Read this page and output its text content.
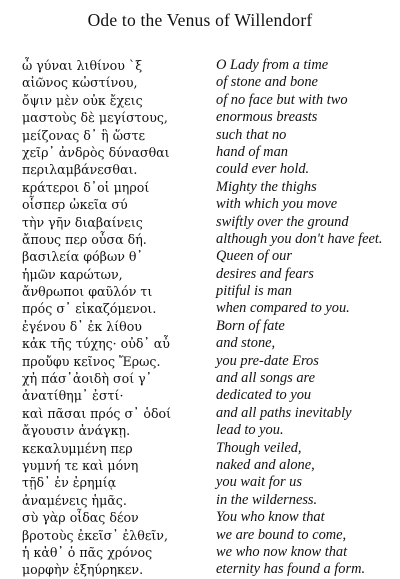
Ode to the Venus of Willendorf
ὦ γύναι λιθίνου `ξ
αἰῶνος κὠστίνου,
ὄψιν μὲν οὐκ ἔχεις
μαστοὺς δὲ μεγίστους,
μείζονας δ᾽ ἣ ὥστε
χεῖρ᾽ ἀνδρὸς δύνασθαι
περιλαμβάνεσθαι.
κράτεροι δ᾽οἱ μηροί
οἷσπερ ὠκεῖα σύ
τὴν γῆν διαβαίνεις
ἄπους περ οὖσα δή.
βασιλεία φόβων θ᾽
ἡμῶν καρώτων,
ἄνθρωποι φαῦλόν τι
πρός σ᾽ εἰκαζόμενοι.
ἐγένου δ᾽ ἐκ λίθου
κἀκ τῆς τύχης· οὐδ᾽ αὖ
προὔφυ κεῖνος Ἔρως.
χἠ πάσ᾽ἀοιδὴ σοί γ᾽
ἀνατίθημ᾽ ἐστί·
καὶ πᾶσαι πρός σ᾽ ὁδοί
ἄγουσιν ἀνάγκῃ.
κεκαλυμμένη περ
γυμνή τε καὶ μόνη
τῇδ᾽ ἐν ἐρημίᾳ
ἀναμένεις ἡμᾶς.
σὺ γὰρ οἶδας δέον
βροτοὺς ἐκεῖσ᾽ ἐλθεῖν,
ἡ κἀθ᾽ ὁ πᾶς χρόνος
μορφὴν ἐξηύρηκεν.
O Lady from a time
of stone and bone
of no face but with two
enormous breasts
such that no
hand of man
could ever hold.
Mighty the thighs
with which you move
swiftly over the ground
although you don't have feet.
Queen of our
desires and fears
pitiful is man
when compared to you.
Born of fate
and stone,
you pre-date Eros
and all songs are
dedicated to you
and all paths inevitably
lead to you.
Though veiled,
naked and alone,
you wait for us
in the wilderness.
You who know that
we are bound to come,
we who now know that
eternity has found a form.
